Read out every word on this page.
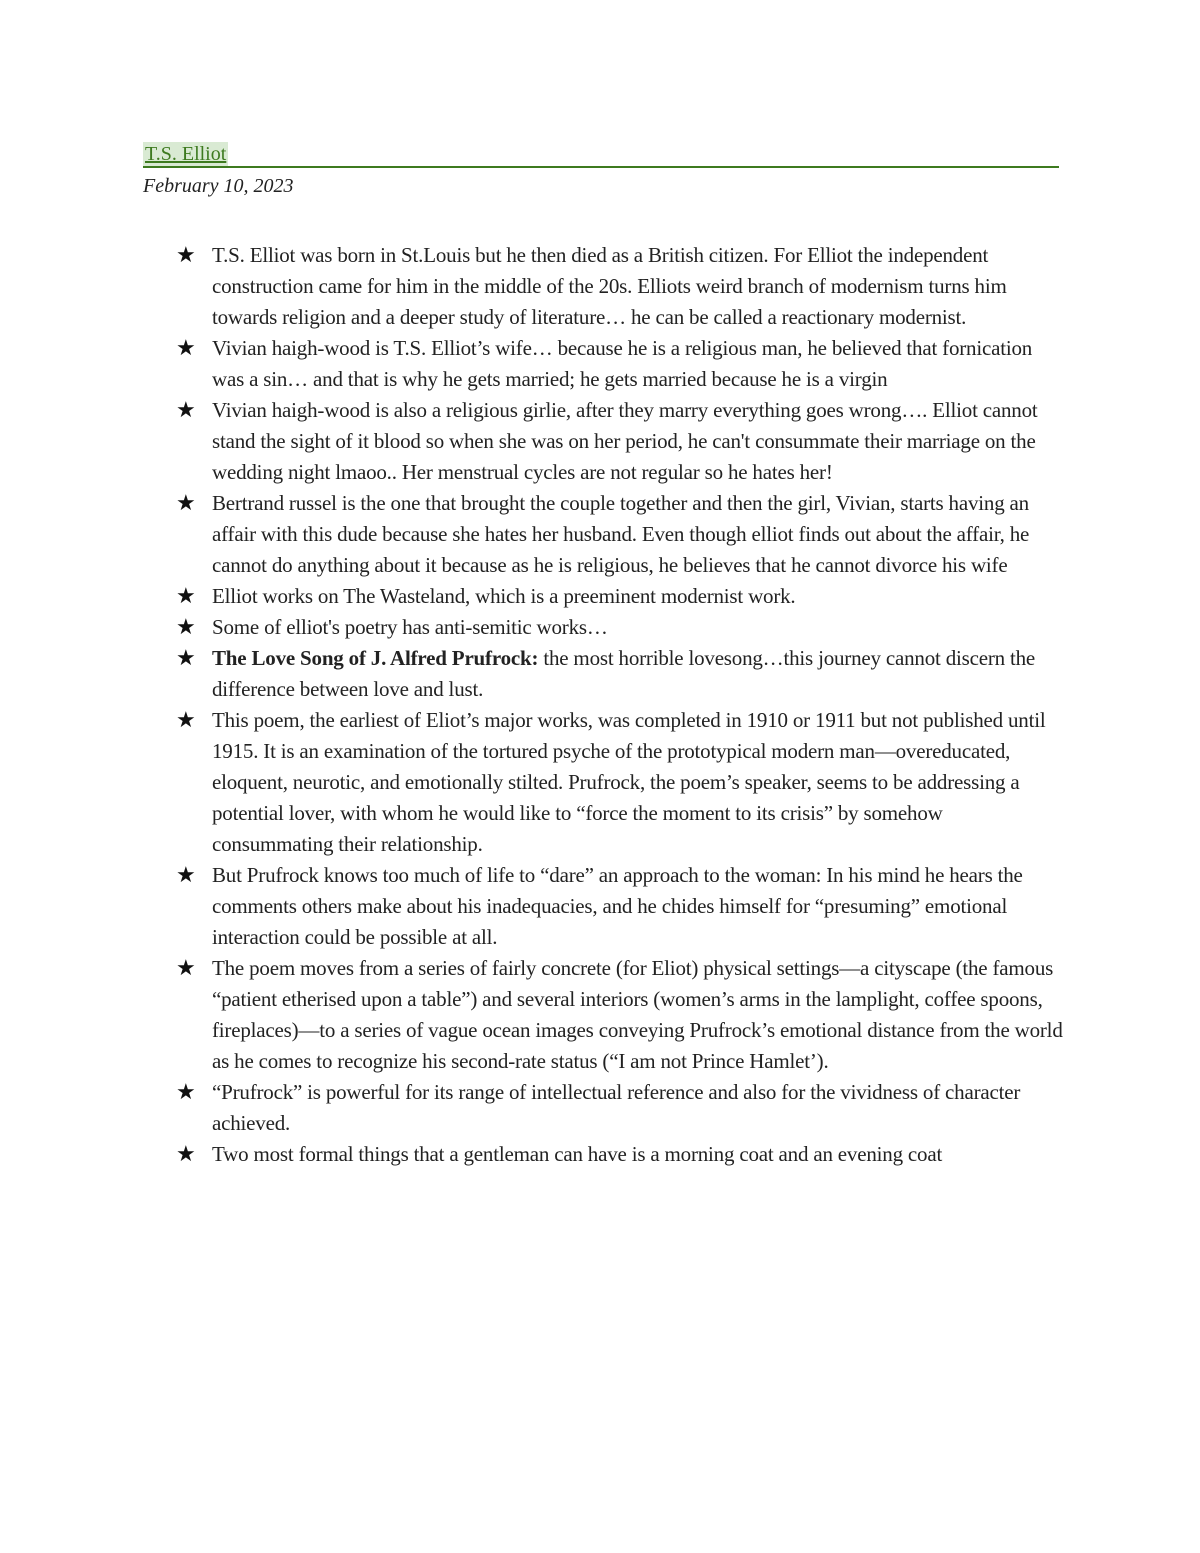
T.S. Elliot
February 10, 2023
★ T.S. Elliot was born in St.Louis but he then died as a British citizen. For Elliot the independent construction came for him in the middle of the 20s. Elliots weird branch of modernism turns him towards religion and a deeper study of literature… he can be called a reactionary modernist.
★ Vivian haigh-wood is T.S. Elliot’s wife… because he is a religious man, he believed that fornication was a sin… and that is why he gets married; he gets married because he is a virgin
★ Vivian haigh-wood is also a religious girlie, after they marry everything goes wrong…. Elliot cannot stand the sight of it blood so when she was on her period, he can't consummate their marriage on the wedding night lmaoo.. Her menstrual cycles are not regular so he hates her!
★ Bertrand russel is the one that brought the couple together and then the girl, Vivian, starts having an affair with this dude because she hates her husband. Even though elliot finds out about the affair, he cannot do anything about it because as he is religious, he believes that he cannot divorce his wife
★ Elliot works on The Wasteland, which is a preeminent modernist work.
★ Some of elliot's poetry has anti-semitic works…
★ The Love Song of J. Alfred Prufrock: the most horrible lovesong…this journey cannot discern the difference between love and lust.
★ This poem, the earliest of Eliot’s major works, was completed in 1910 or 1911 but not published until 1915. It is an examination of the tortured psyche of the prototypical modern man—overeducated, eloquent, neurotic, and emotionally stilted. Prufrock, the poem’s speaker, seems to be addressing a potential lover, with whom he would like to “force the moment to its crisis” by somehow consummating their relationship.
★ But Prufrock knows too much of life to “dare” an approach to the woman: In his mind he hears the comments others make about his inadequacies, and he chides himself for “presuming” emotional interaction could be possible at all.
★ The poem moves from a series of fairly concrete (for Eliot) physical settings—a cityscape (the famous “patient etherised upon a table”) and several interiors (women’s arms in the lamplight, coffee spoons, fireplaces)—to a series of vague ocean images conveying Prufrock’s emotional distance from the world as he comes to recognize his second-rate status (“I am not Prince Hamlet’).
★ “Prufrock” is powerful for its range of intellectual reference and also for the vividness of character achieved.
★ Two most formal things that a gentleman can have is a morning coat and an evening coat
